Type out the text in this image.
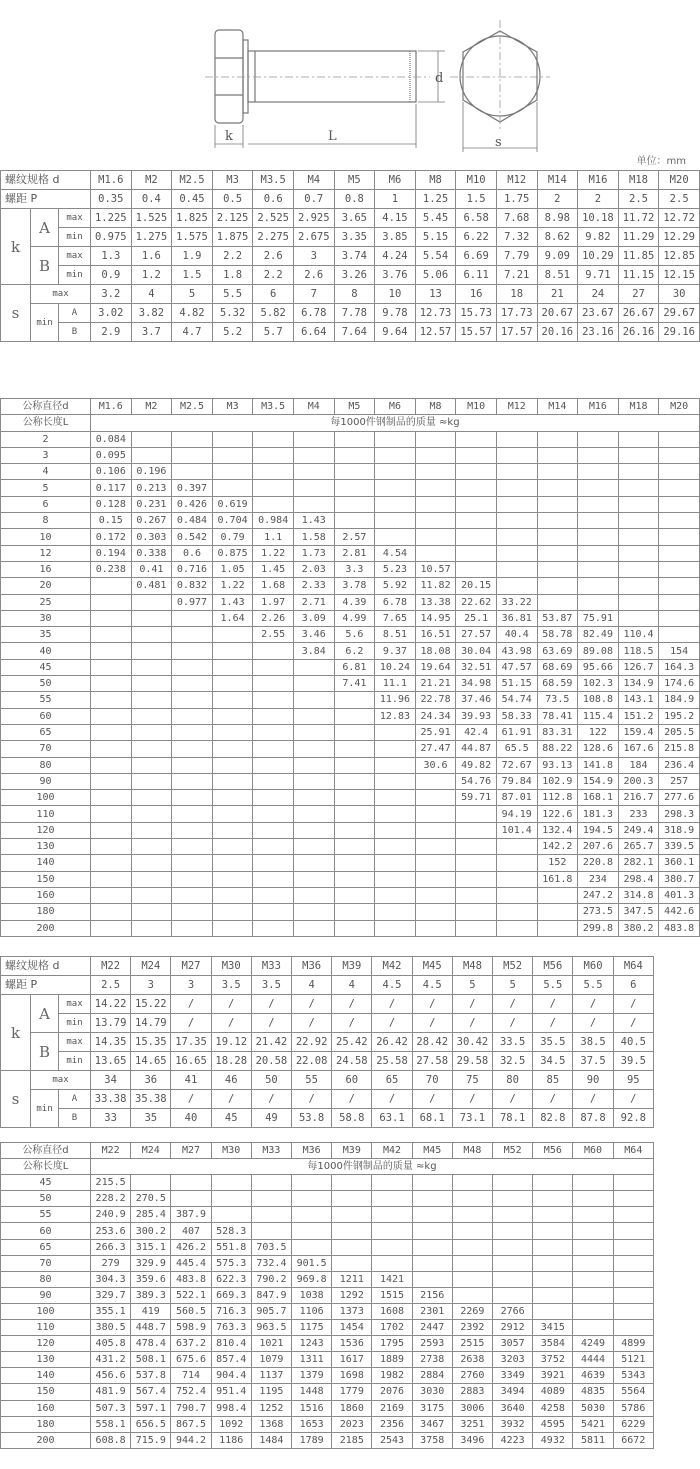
k	L
d
s
单位：mm
螺纹规格 d			M1.6	M2	M2.5	M3	M3.5	M4	M5	M6	M8	M10	M12	M14	M16	M18	M20
螺距 P			0.35	0.4	0.45	0.5	0.6	0.7	0.8	1	1.25	1.5	1.75	2	2	2.5	2.5
k	A	max	1.225	1.525	1.825	2.125	2.525	2.925	3.65	4.15	5.45	6.58	7.68	8.98	10.18	11.72	12.72
		min	0.975	1.275	1.575	1.875	2.275	2.675	3.35	3.85	5.15	6.22	7.32	8.62	9.82	11.29	12.29
	B	max	1.3	1.6	1.9	2.2	2.6	3	3.74	4.24	5.54	6.69	7.79	9.09	10.29	11.85	12.85
		min	0.9	1.2	1.5	1.8	2.2	2.6	3.26	3.76	5.06	6.11	7.21	8.51	9.71	11.15	12.15
s	max		3.2	4	5	5.5	6	7	8	10	13	16	18	21	24	27	30
	min	A	3.02	3.82	4.82	5.32	5.82	6.78	7.78	9.78	12.73	15.73	17.73	20.67	23.67	26.67	29.67
		B	2.9	3.7	4.7	5.2	5.7	6.64	7.64	9.64	12.57	15.57	17.57	20.16	23.16	26.16	29.16
公称直径d	M1.6	M2	M2.5	M3	M3.5	M4	M5	M6	M8	M10	M12	M14	M16	M18	M20
公称长度L	每1000件钢制品的质量 ≈kg														
2	0.084														
3	0.095														
4	0.106	0.196													
5	0.117	0.213	0.397												
6	0.128	0.231	0.426	0.619											
8	0.15	0.267	0.484	0.704	0.984	1.43									
10	0.172	0.303	0.542	0.79	1.1	1.58	2.57								
12	0.194	0.338	0.6	0.875	1.22	1.73	2.81	4.54							
16	0.238	0.41	0.716	1.05	1.45	2.03	3.3	5.23	10.57						
20		0.481	0.832	1.22	1.68	2.33	3.78	5.92	11.82	20.15					
25			0.977	1.43	1.97	2.71	4.39	6.78	13.38	22.62	33.22				
30				1.64	2.26	3.09	4.99	7.65	14.95	25.1	36.81	53.87	75.91		
35					2.55	3.46	5.6	8.51	16.51	27.57	40.4	58.78	82.49	110.4	
40						3.84	6.2	9.37	18.08	30.04	43.98	63.69	89.08	118.5	154
45							6.81	10.24	19.64	32.51	47.57	68.69	95.66	126.7	164.3
50							7.41	11.1	21.21	34.98	51.15	68.59	102.3	134.9	174.6
55								11.96	22.78	37.46	54.74	73.5	108.8	143.1	184.9
60								12.83	24.34	39.93	58.33	78.41	115.4	151.2	195.2
65									25.91	42.4	61.91	83.31	122	159.4	205.5
70									27.47	44.87	65.5	88.22	128.6	167.6	215.8
80									30.6	49.82	72.67	93.13	141.8	184	236.4
90										54.76	79.84	102.9	154.9	200.3	257
100										59.71	87.01	112.8	168.1	216.7	277.6
110											94.19	122.6	181.3	233	298.3
120											101.4	132.4	194.5	249.4	318.9
130												142.2	207.6	265.7	339.5
140												152	220.8	282.1	360.1
150												161.8	234	298.4	380.7
160													247.2	314.8	401.3
180													273.5	347.5	442.6
200													299.8	380.2	483.8
螺纹规格 d			M22	M24	M27	M30	M33	M36	M39	M42	M45	M48	M52	M56	M60	M64
螺距 P			2.5	3	3	3.5	3.5	4	4	4.5	4.5	5	5	5.5	5.5	6
k	A	max	14.22	15.22	/	/	/	/	/	/	/	/	/	/	/	/
		min	13.79	14.79	/	/	/	/	/	/	/	/	/	/	/	/
	B	max	14.35	15.35	17.35	19.12	21.42	22.92	25.42	26.42	28.42	30.42	33.5	35.5	38.5	40.5
		min	13.65	14.65	16.65	18.28	20.58	22.08	24.58	25.58	27.58	29.58	32.5	34.5	37.5	39.5
s	max		34	36	41	46	50	55	60	65	70	75	80	85	90	95
	min	A	33.38	35.38	/	/	/	/	/	/	/	/	/	/	/	/
		B	33	35	40	45	49	53.8	58.8	63.1	68.1	73.1	78.1	82.8	87.8	92.8
公称直径d	M22	M24	M27	M30	M33	M36	M39	M42	M45	M48	M52	M56	M60	M64
公称长度L	每1000件钢制品的质量 ≈kg													
45	215.5													
50	228.2	270.5												
55	240.9	285.4	387.9											
60	253.6	300.2	407	528.3										
65	266.3	315.1	426.2	551.8	703.5									
70	279	329.9	445.4	575.3	732.4	901.5								
80	304.3	359.6	483.8	622.3	790.2	969.8	1211	1421						
90	329.7	389.3	522.1	669.3	847.9	1038	1292	1515	2156					
100	355.1	419	560.5	716.3	905.7	1106	1373	1608	2301	2269	2766			
110	380.5	448.7	598.9	763.3	963.5	1175	1454	1702	2447	2392	2912	3415		
120	405.8	478.4	637.2	810.4	1021	1243	1536	1795	2593	2515	3057	3584	4249	4899
130	431.2	508.1	675.6	857.4	1079	1311	1617	1889	2738	2638	3203	3752	4444	5121
140	456.6	537.8	714	904.4	1137	1379	1698	1982	2884	2760	3349	3921	4639	5343
150	481.9	567.4	752.4	951.4	1195	1448	1779	2076	3030	2883	3494	4089	4835	5564
160	507.3	597.1	790.7	998.4	1252	1516	1860	2169	3175	3006	3640	4258	5030	5786
180	558.1	656.5	867.5	1092	1368	1653	2023	2356	3467	3251	3932	4595	5421	6229
200	608.8	715.9	944.2	1186	1484	1789	2185	2543	3758	3496	4223	4932	5811	6672
